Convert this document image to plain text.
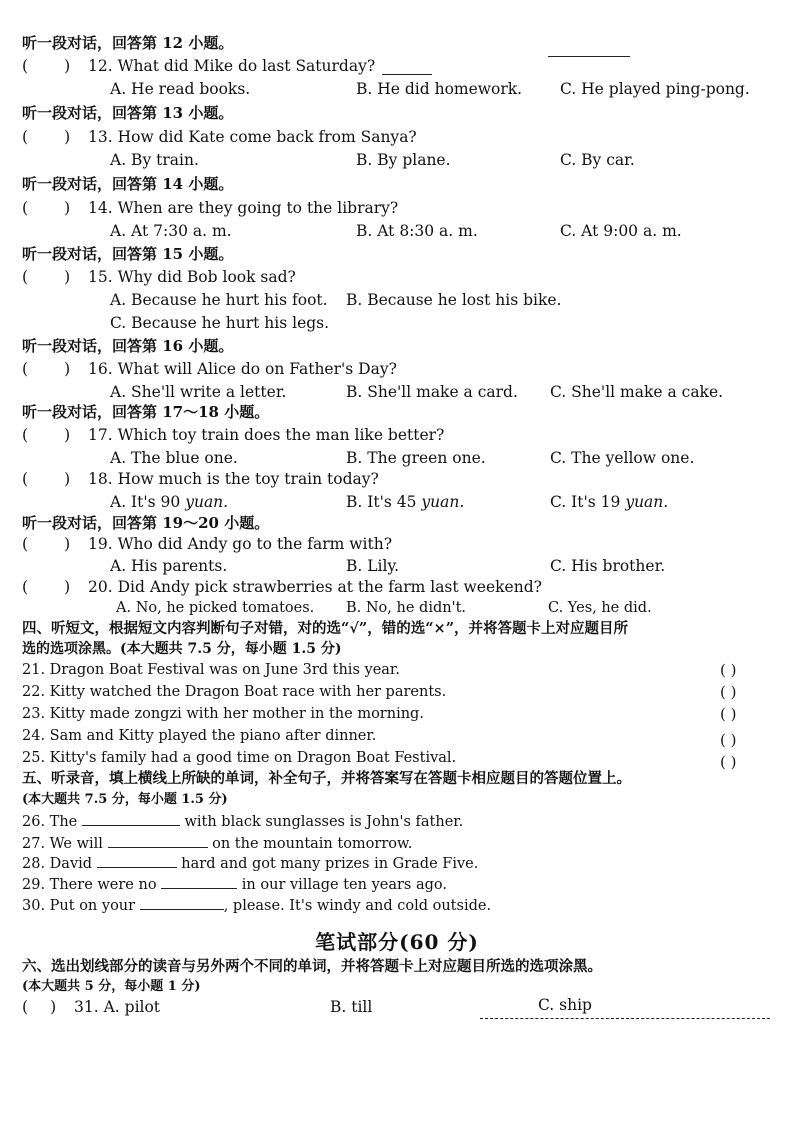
听一段对话，回答第 12 小题。
( ) 12. What did Mike do last Saturday?
A. He read books.	B. He did homework. C. He played ping-pong.
听一段对话，回答第 13 小题。
( ) 13. How did Kate come back from Sanya?
A. By train.	B. By plane.	C. By car.
听一段对话，回答第 14 小题。
( ) 14. When are they going to the library?
A. At 7:30 a. m.	B. At 8:30 a. m.	C. At 9:00 a. m.
听一段对话，回答第 15 小题。
( ) 15. Why did Bob look sad?
A. Because he hurt his foot. B. Because he lost his bike.
C. Because he hurt his legs.
听一段对话，回答第 16 小题。
( ) 16. What will Alice do on Father's Day?
A. She'll write a letter.	B. She'll make a card. C. She'll make a cake.
听一段对话，回答第 17～18 小题。
( ) 17. Which toy train does the man like better?
A. The blue one.	B. The green one.	C. The yellow one.
( ) 18. How much is the toy train today?
A. It's 90 yuan.	B. It's 45 yuan.	C. It's 19 yuan.
听一段对话，回答第 19～20 小题。
( ) 19. Who did Andy go to the farm with?
A. His parents.	B. Lily.	C. His brother.
( ) 20. Did Andy pick strawberries at the farm last weekend?
A. No, he picked tomatoes. B. No, he didn't.	C. Yes, he did.
四、听短文，根据短文内容判断句子对错，对的选“√”，错的选“×”，并将答题卡上对应题目所
选的选项涂黑。(本大题共 7.5 分，每小题 1.5 分)
21. Dragon Boat Festival was on June 3rd this year.	( )
22. Kitty watched the Dragon Boat race with her parents.	( )
23. Kitty made zongzi with her mother in the morning.	( )
24. Sam and Kitty played the piano after dinner.	( )
25. Kitty's family had a good time on Dragon Boat Festival.	( )
五、听录音，填上横线上所缺的单词，补全句子，并将答案写在答题卡相应题目的答题位置上。
(本大题共 7.5 分，每小题 1.5 分)
26. The	with black sunglasses is John's father.
27. We will	on the mountain tomorrow.
28. David	hard and got many prizes in Grade Five.
29. There were no	in our village ten years ago.
30. Put on your	, please. It's windy and cold outside.
笔试部分(60 分)
六、选出划线部分的读音与另外两个不同的单词，并将答题卡上对应题目所选的选项涂黑。
(本大题共 5 分，每小题 1 分)
( ) 31. A. pilot	B. till	C. ship
